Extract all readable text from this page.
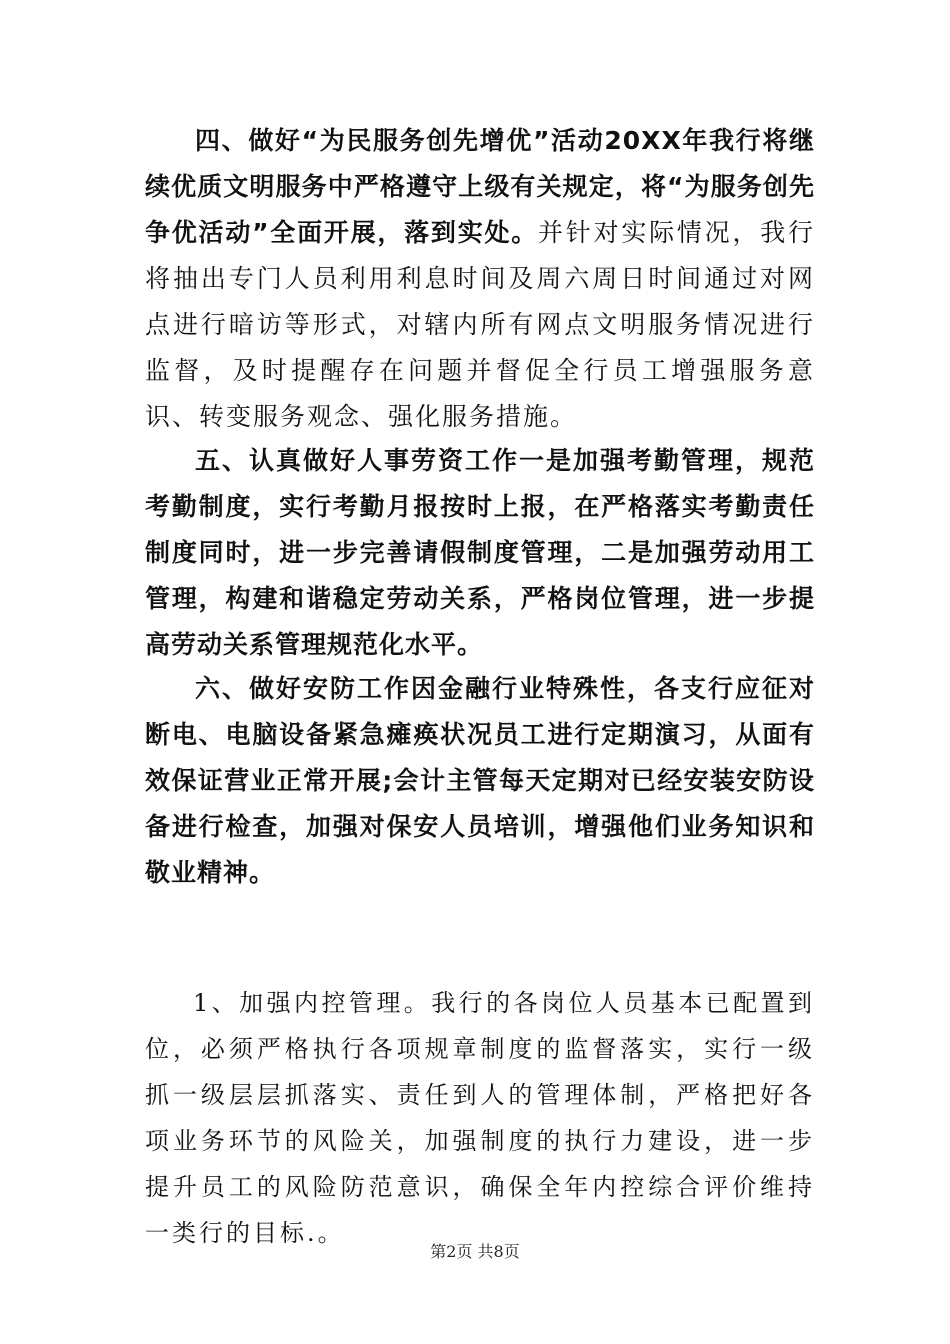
四、做好“为民服务创先增优”活动20XX年我行将继续优质文明服务中严格遵守上级有关规定，将“为服务创先争优活动”全面开展，落到实处。并针对实际情况，我行将抽出专门人员利用利息时间及周六周日时间通过对网点进行暗访等形式，对辖内所有网点文明服务情况进行监督，及时提醒存在问题并督促全行员工增强服务意识、转变服务观念、强化服务措施。

五、认真做好人事劳资工作一是加强考勤管理，规范考勤制度，实行考勤月报按时上报，在严格落实考勤责任制度同时，进一步完善请假制度管理，二是加强劳动用工管理，构建和谐稳定劳动关系，严格岗位管理，进一步提高劳动关系管理规范化水平。

六、做好安防工作因金融行业特殊性，各支行应征对断电、电脑设备紧急瘫痪状况员工进行定期演习，从面有效保证营业正常开展;会计主管每天定期对已经安装安防设备进行检查，加强对保安人员培训，增强他们业务知识和敬业精神。

1、加强内控管理。我行的各岗位人员基本已配置到位，必须严格执行各项规章制度的监督落实，实行一级抓一级层层抓落实、责任到人的管理体制，严格把好各项业务环节的风险关，加强制度的执行力建设，进一步提升员工的风险防范意识，确保全年内控综合评价维持一类行的目标.。

第2页 共8页
